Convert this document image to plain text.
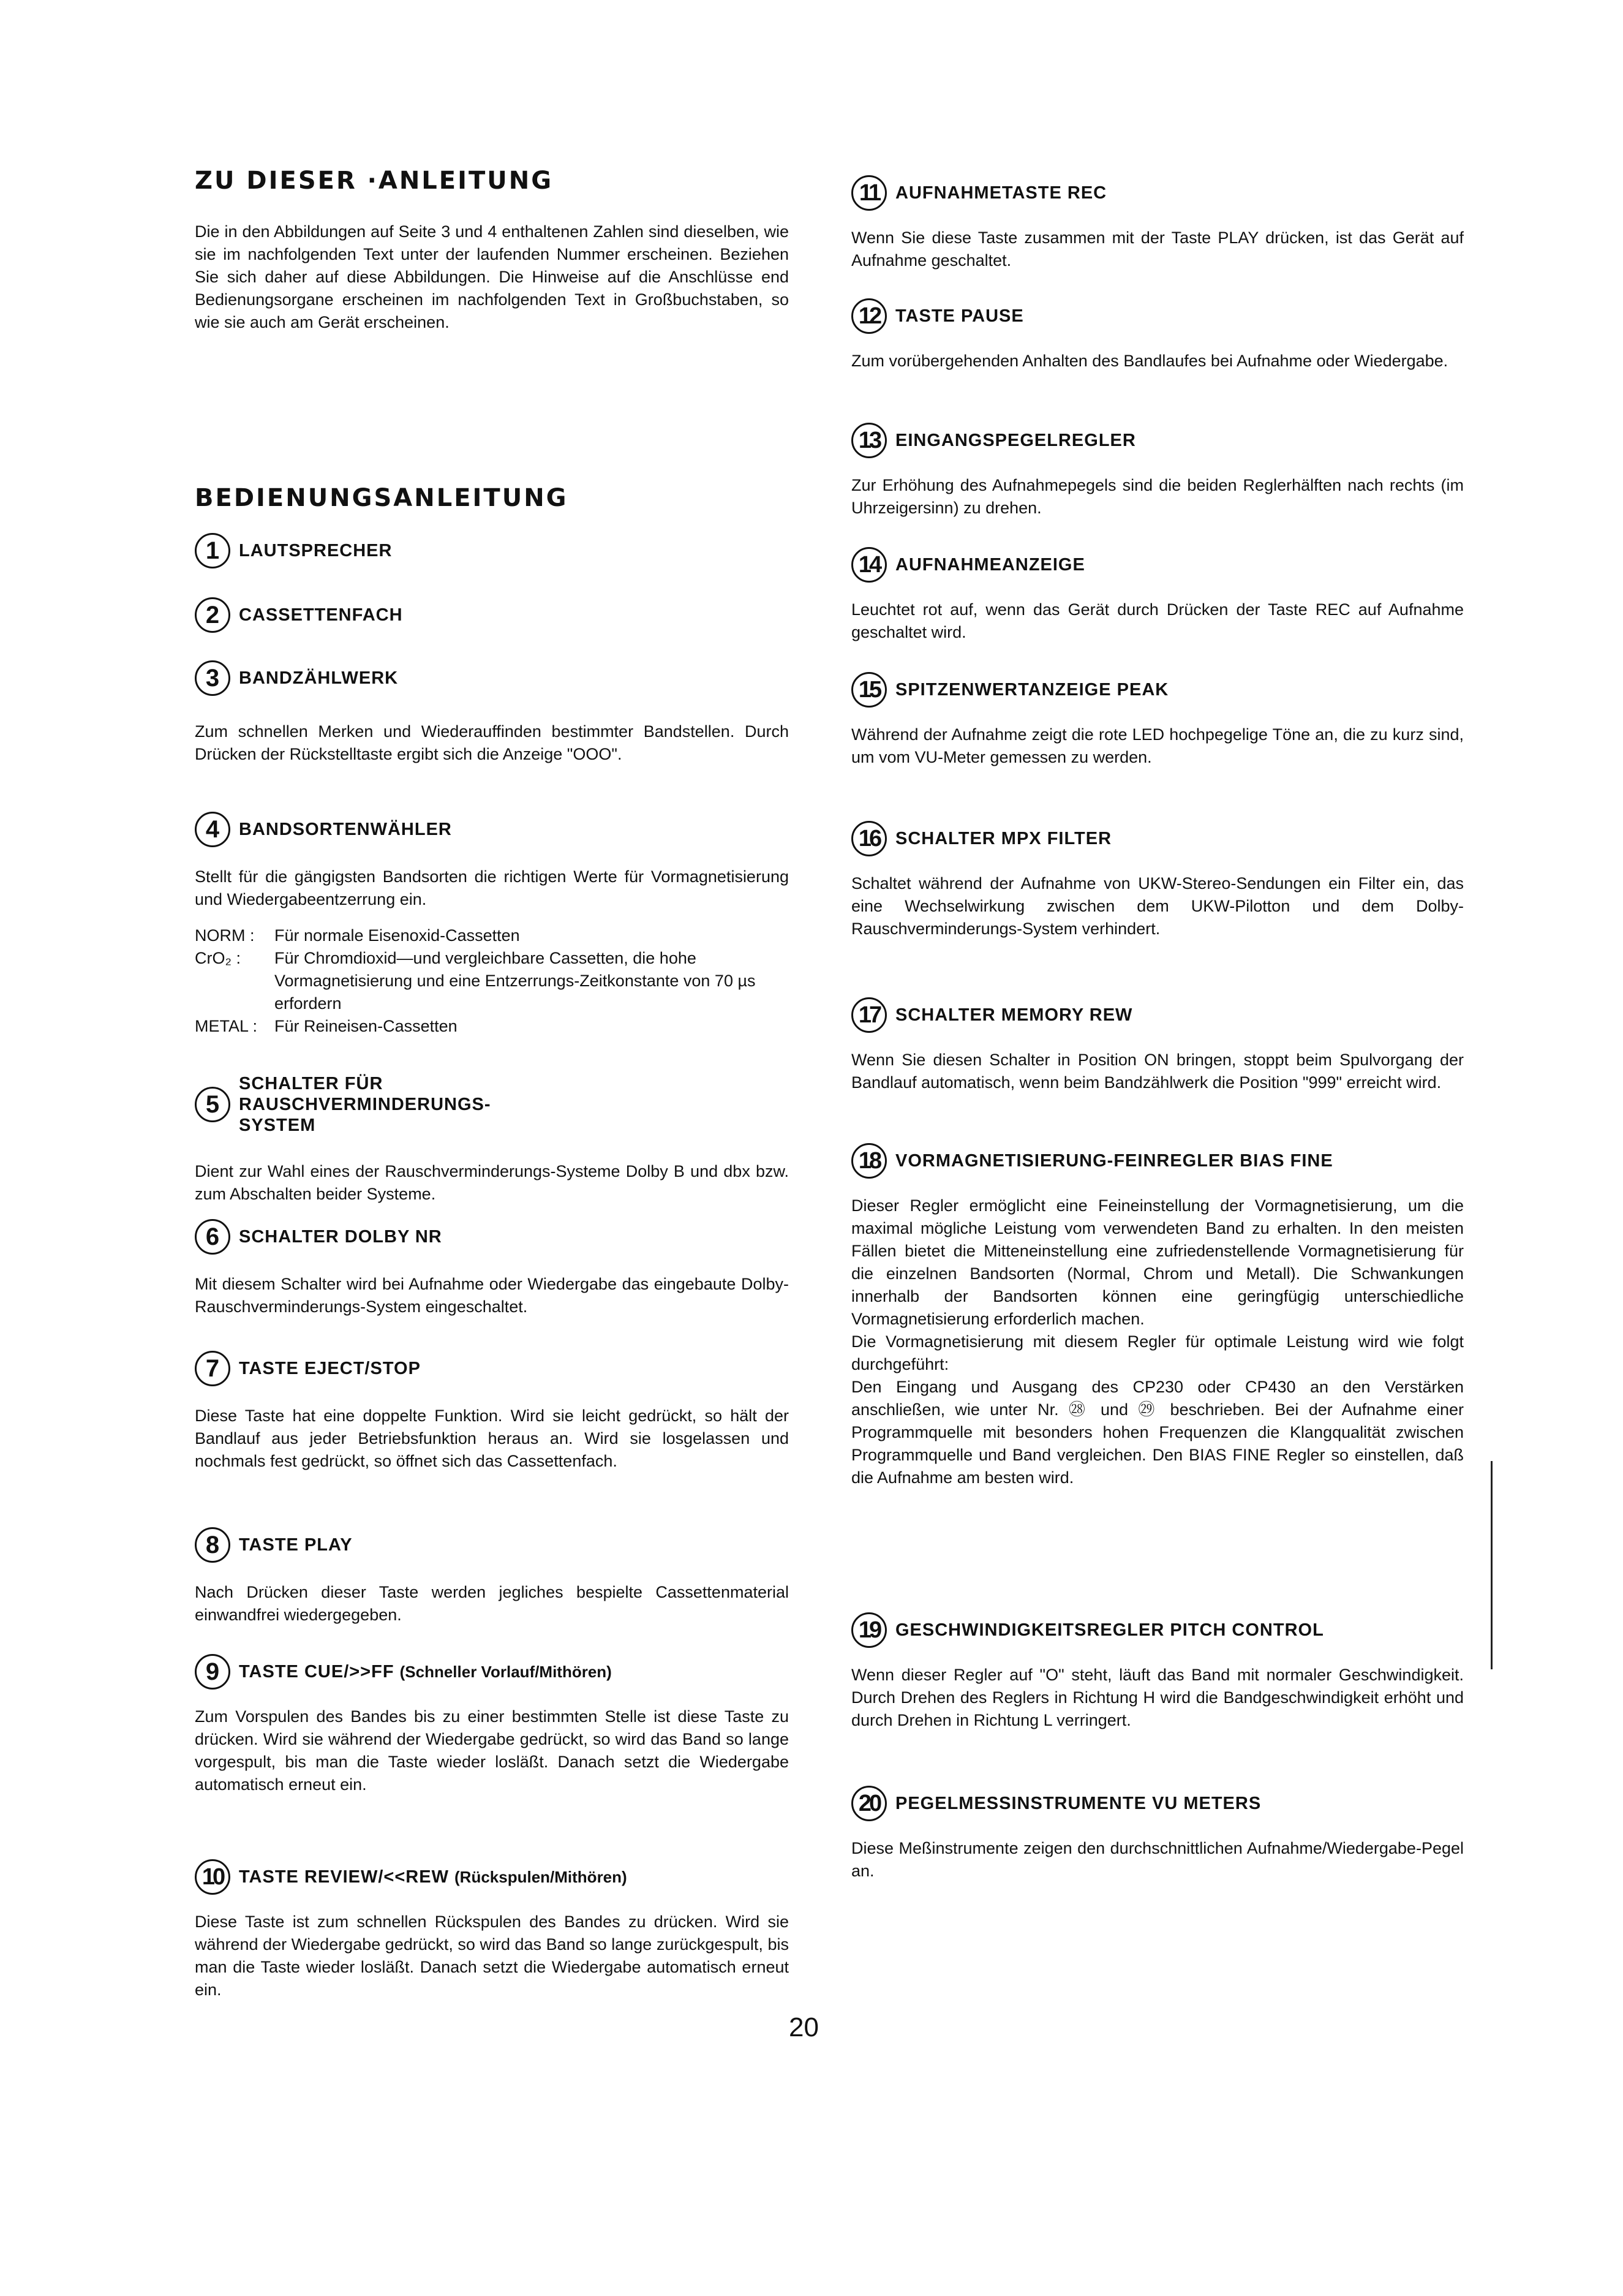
ZU DIESER ·ANLEITUNG

Die in den Abbildungen auf Seite 3 und 4 enthaltenen Zahlen sind dieselben, wie sie im nachfolgenden Text unter der laufenden Nummer erscheinen. Beziehen Sie sich daher auf diese Abbildungen. Die Hinweise auf die Anschlüsse end Bedienungsorgane erscheinen im nachfolgenden Text in Großbuchstaben, so wie sie auch am Gerät erscheinen.

BEDIENUNGSANLEITUNG
1	LAUTSPRECHER
2	CASSETTENFACH
3	BANDZÄHLWERK

Zum schnellen Merken und Wiederauffinden bestimmter Bandstellen. Durch Drücken der Rückstelltaste ergibt sich die Anzeige "OOO".

4	BANDSORTENWÄHLER

Stellt für die gängigsten Bandsorten die richtigen Werte für Vormagnetisierung und Wiedergabeentzerrung ein.

NORM :	Für normale Eisenoxid-Cassetten
CrO₂ :	Für Chromdioxid—und vergleichbare Cassetten, die hohe Vormagnetisierung und eine Entzerrungs-Zeitkonstante von 70 µs erfordern
METAL :	Für Reineisen-Cassetten
5
SCHALTER FÜR RAUSCHVERMINDERUNGS-SYSTEM

Dient zur Wahl eines der Rauschverminderungs-Systeme Dolby B und dbx bzw. zum Abschalten beider Systeme.

6	SCHALTER DOLBY NR

Mit diesem Schalter wird bei Aufnahme oder Wiedergabe das eingebaute Dolby-Rauschverminderungs-System eingeschaltet.

7	TASTE EJECT/STOP

Diese Taste hat eine doppelte Funktion. Wird sie leicht gedrückt, so hält der Bandlauf aus jeder Betriebsfunktion heraus an. Wird sie losgelassen und nochmals fest gedrückt, so öffnet sich das Cassettenfach.

8	TASTE PLAY

Nach Drücken dieser Taste werden jegliches bespielte Cassettenmaterial einwandfrei wiedergegeben.

9	TASTE CUE/>>FF (Schneller Vorlauf/Mithören)

Zum Vorspulen des Bandes bis zu einer bestimmten Stelle ist diese Taste zu drücken. Wird sie während der Wiedergabe gedrückt, so wird das Band so lange vorgespult, bis man die Taste wieder losläßt. Danach setzt die Wiedergabe automatisch erneut ein.

10 TASTE REVIEW/<<REW (Rückspulen/Mithören)

Diese Taste ist zum schnellen Rückspulen des Bandes zu drücken. Wird sie während der Wiedergabe gedrückt, so wird das Band so lange zurückgespult, bis man die Taste wieder losläßt. Danach setzt die Wiedergabe automatisch erneut ein.

11 AUFNAHMETASTE REC

Wenn Sie diese Taste zusammen mit der Taste PLAY drücken, ist das Gerät auf Aufnahme geschaltet.

12 TASTE PAUSE

Zum vorübergehenden Anhalten des Bandlaufes bei Aufnahme oder Wiedergabe.

13 EINGANGSPEGELREGLER

Zur Erhöhung des Aufnahmepegels sind die beiden Reglerhälften nach rechts (im Uhrzeigersinn) zu drehen.

14 AUFNAHMEANZEIGE

Leuchtet rot auf, wenn das Gerät durch Drücken der Taste REC auf Aufnahme geschaltet wird.

15 SPITZENWERTANZEIGE PEAK

Während der Aufnahme zeigt die rote LED hochpegelige Töne an, die zu kurz sind, um vom VU-Meter gemessen zu werden.

16 SCHALTER MPX FILTER

Schaltet während der Aufnahme von UKW-Stereo-Sendungen ein Filter ein, das eine Wechselwirkung zwischen dem UKW-Pilotton und dem Dolby-Rauschverminderungs-System verhindert.

17 SCHALTER MEMORY REW

Wenn Sie diesen Schalter in Position ON bringen, stoppt beim Spulvorgang der Bandlauf automatisch, wenn beim Bandzählwerk die Position "999" erreicht wird.

18 VORMAGNETISIERUNG-FEINREGLER BIAS FINE

Dieser Regler ermöglicht eine Feineinstellung der Vormagnetisierung, um die maximal mögliche Leistung vom verwendeten Band zu erhalten. In den meisten Fällen bietet die Mitteneinstellung eine zufriedenstellende Vormagnetisierung für die einzelnen Bandsorten (Normal, Chrom und Metall). Die Schwankungen innerhalb der Bandsorten können eine geringfügig unterschiedliche Vormagnetisierung erforderlich machen.

Die Vormagnetisierung mit diesem Regler für optimale Leistung wird wie folgt durchgeführt:

Den Eingang und Ausgang des CP230 oder CP430 an den Verstärken anschließen, wie unter Nr. ㉘ und ㉙ beschrieben. Bei der Aufnahme einer Programmquelle mit besonders hohen Frequenzen die Klangqualität zwischen Programmquelle und Band vergleichen. Den BIAS FINE Regler so einstellen, daß die Aufnahme am besten wird.

19 GESCHWINDIGKEITSREGLER PITCH CONTROL

Wenn dieser Regler auf "O" steht, läuft das Band mit normaler Geschwindigkeit. Durch Drehen des Reglers in Richtung H wird die Bandgeschwindigkeit erhöht und durch Drehen in Richtung L verringert.

20 PEGELMESSINSTRUMENTE VU METERS

Diese Meßinstrumente zeigen den durchschnittlichen Aufnahme/Wiedergabe-Pegel an.

20
